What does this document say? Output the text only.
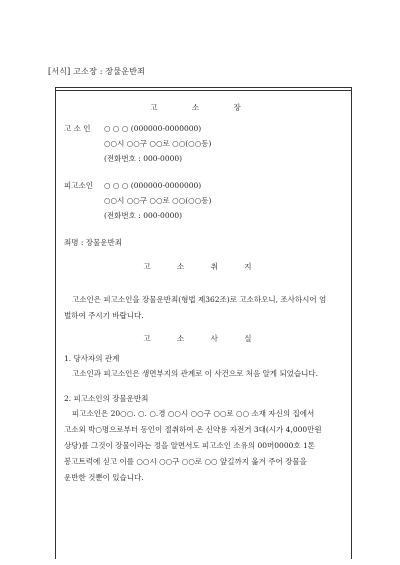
[서식] 고소장 : 장물운반죄
고 소 장
고 소 인 ○ ○ ○ (000000-0000000)
○○시 ○○구 ○○로 ○○(○○동)
(전화번호 : 000-0000)
피고소인 ○ ○ ○ (000000-0000000)
○○시 ○○구 ○○로 ○○(○○동)
(전화번호 : 000-0000)
죄명 : 장물운반죄
고 소 취 지
고소인은 피고소인을 장물운반죄(형법 제362조)로 고소하오니, 조사하시어 엄
벌하여 주시기 바랍니다.
고 소 사 실
1. 당사자의 관계
고소인과 피고소인은 생면부지의 관계로 이 사건으로 처음 알게 되었습니다.
2. 피고소인의 장물운반죄
피고소인은 20○○. ○. ○.경 ○○시 ○○구 ○○로 ○○ 소재 자신의 집에서
고소외 박○명으로부터 동인이 절취하여 온 신약용 자전거 3대(시가 4,000만원
상당)를 그것이 장물이라는 정을 알면서도 피고소인 소유의 00머0000호 1톤
봉고트럭에 싣고 이를 ○○시 ○○구 ○○로 ○○ 앞길까지 옮겨 주어 장물을
운반한 것뿐이 있습니다.
